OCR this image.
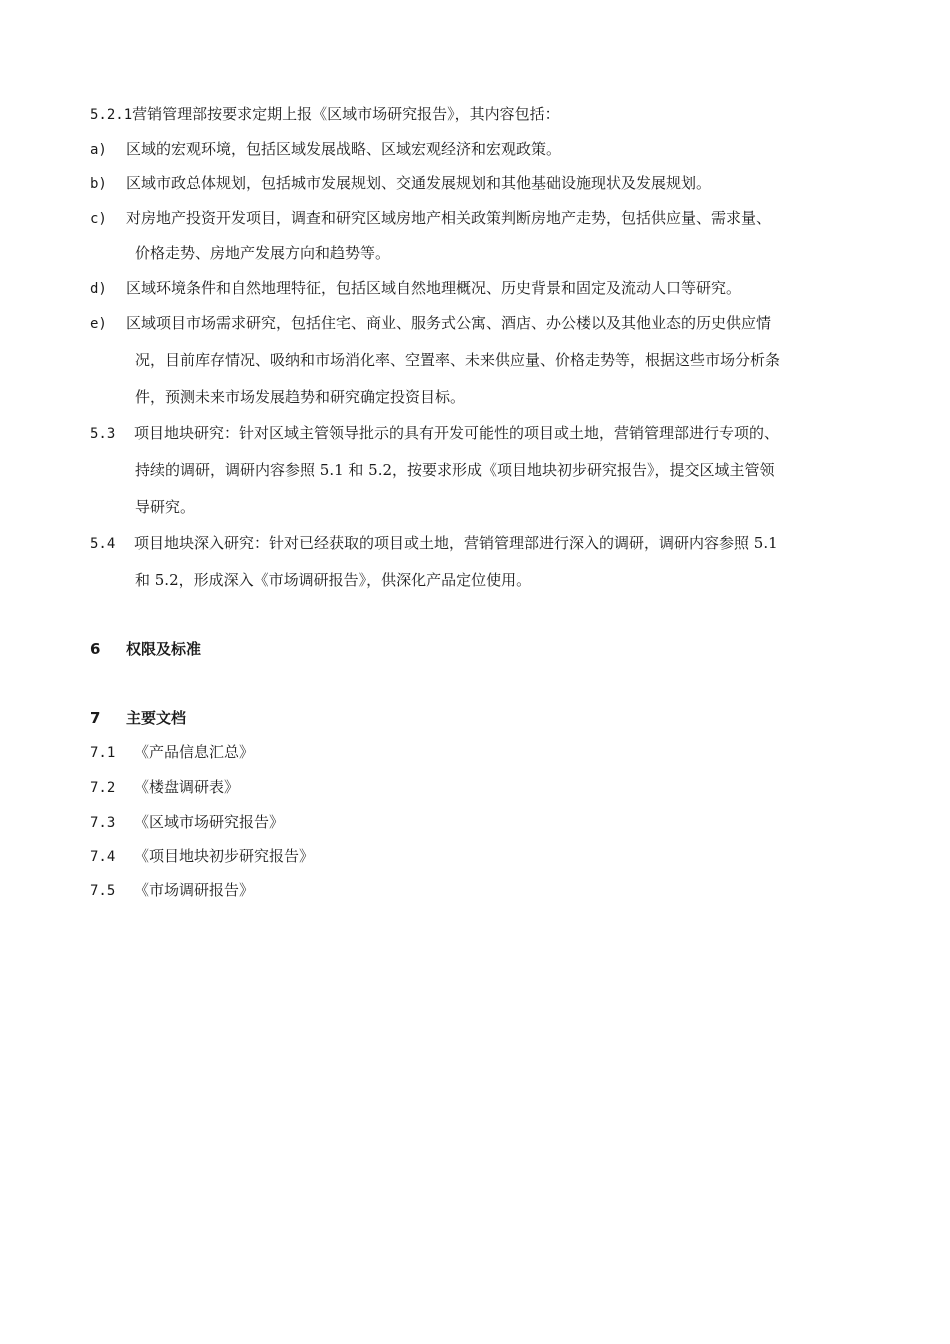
5.2.1营销管理部按要求定期上报《区域市场研究报告》，其内容包括：
a) 区域的宏观环境，包括区域发展战略、区域宏观经济和宏观政策。
b) 区域市政总体规划，包括城市发展规划、交通发展规划和其他基础设施现状及发展规划。
c) 对房地产投资开发项目，调查和研究区域房地产相关政策判断房地产走势，包括供应量、需求量、
价格走势、房地产发展方向和趋势等。
d) 区域环境条件和自然地理特征，包括区域自然地理概况、历史背景和固定及流动人口等研究。
e) 区域项目市场需求研究，包括住宅、商业、服务式公寓、酒店、办公楼以及其他业态的历史供应情
况，目前库存情况、吸纳和市场消化率、空置率、未来供应量、价格走势等，根据这些市场分析条
件，预测未来市场发展趋势和研究确定投资目标。
5.3 项目地块研究：针对区域主管领导批示的具有开发可能性的项目或土地，营销管理部进行专项的、
持续的调研，调研内容参照 5.1 和 5.2，按要求形成《项目地块初步研究报告》，提交区域主管领
导研究。
5.4 项目地块深入研究：针对已经获取的项目或土地，营销管理部进行深入的调研，调研内容参照 5.1
和 5.2，形成深入《市场调研报告》，供深化产品定位使用。
6 权限及标准
7 主要文档
7.1 《产品信息汇总》
7.2 《楼盘调研表》
7.3 《区域市场研究报告》
7.4 《项目地块初步研究报告》
7.5 《市场调研报告》
